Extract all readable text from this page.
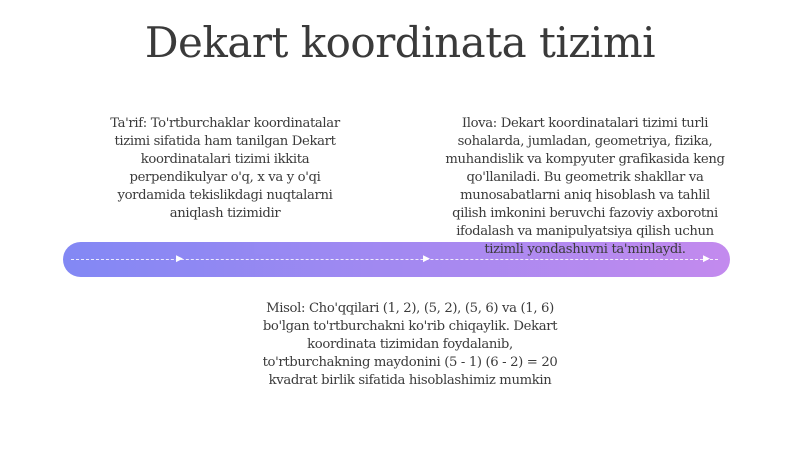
Dekart koordinata tizimi
▶	▶	▶
Ta'rif: To'rtburchaklar koordinatalar
tizimi sifatida ham tanilgan Dekart
koordinatalari tizimi ikkita
perpendikulyar o'q, x va y o'qi
yordamida tekislikdagi nuqtalarni
aniqlash tizimidir
Ilova: Dekart koordinatalari tizimi turli
sohalarda, jumladan, geometriya, fizika,
muhandislik va kompyuter grafikasida keng
qo'llaniladi. Bu geometrik shakllar va
munosabatlarni aniq hisoblash va tahlil
qilish imkonini beruvchi fazoviy axborotni
ifodalash va manipulyatsiya qilish uchun
tizimli yondashuvni ta'minlaydi.
Misol: Cho'qqilari (1, 2), (5, 2), (5, 6) va (1, 6)
bo'lgan to'rtburchakni ko'rib chiqaylik. Dekart
koordinata tizimidan foydalanib,
to'rtburchakning maydonini (5 - 1) (6 - 2) = 20
kvadrat birlik sifatida hisoblashimiz mumkin
